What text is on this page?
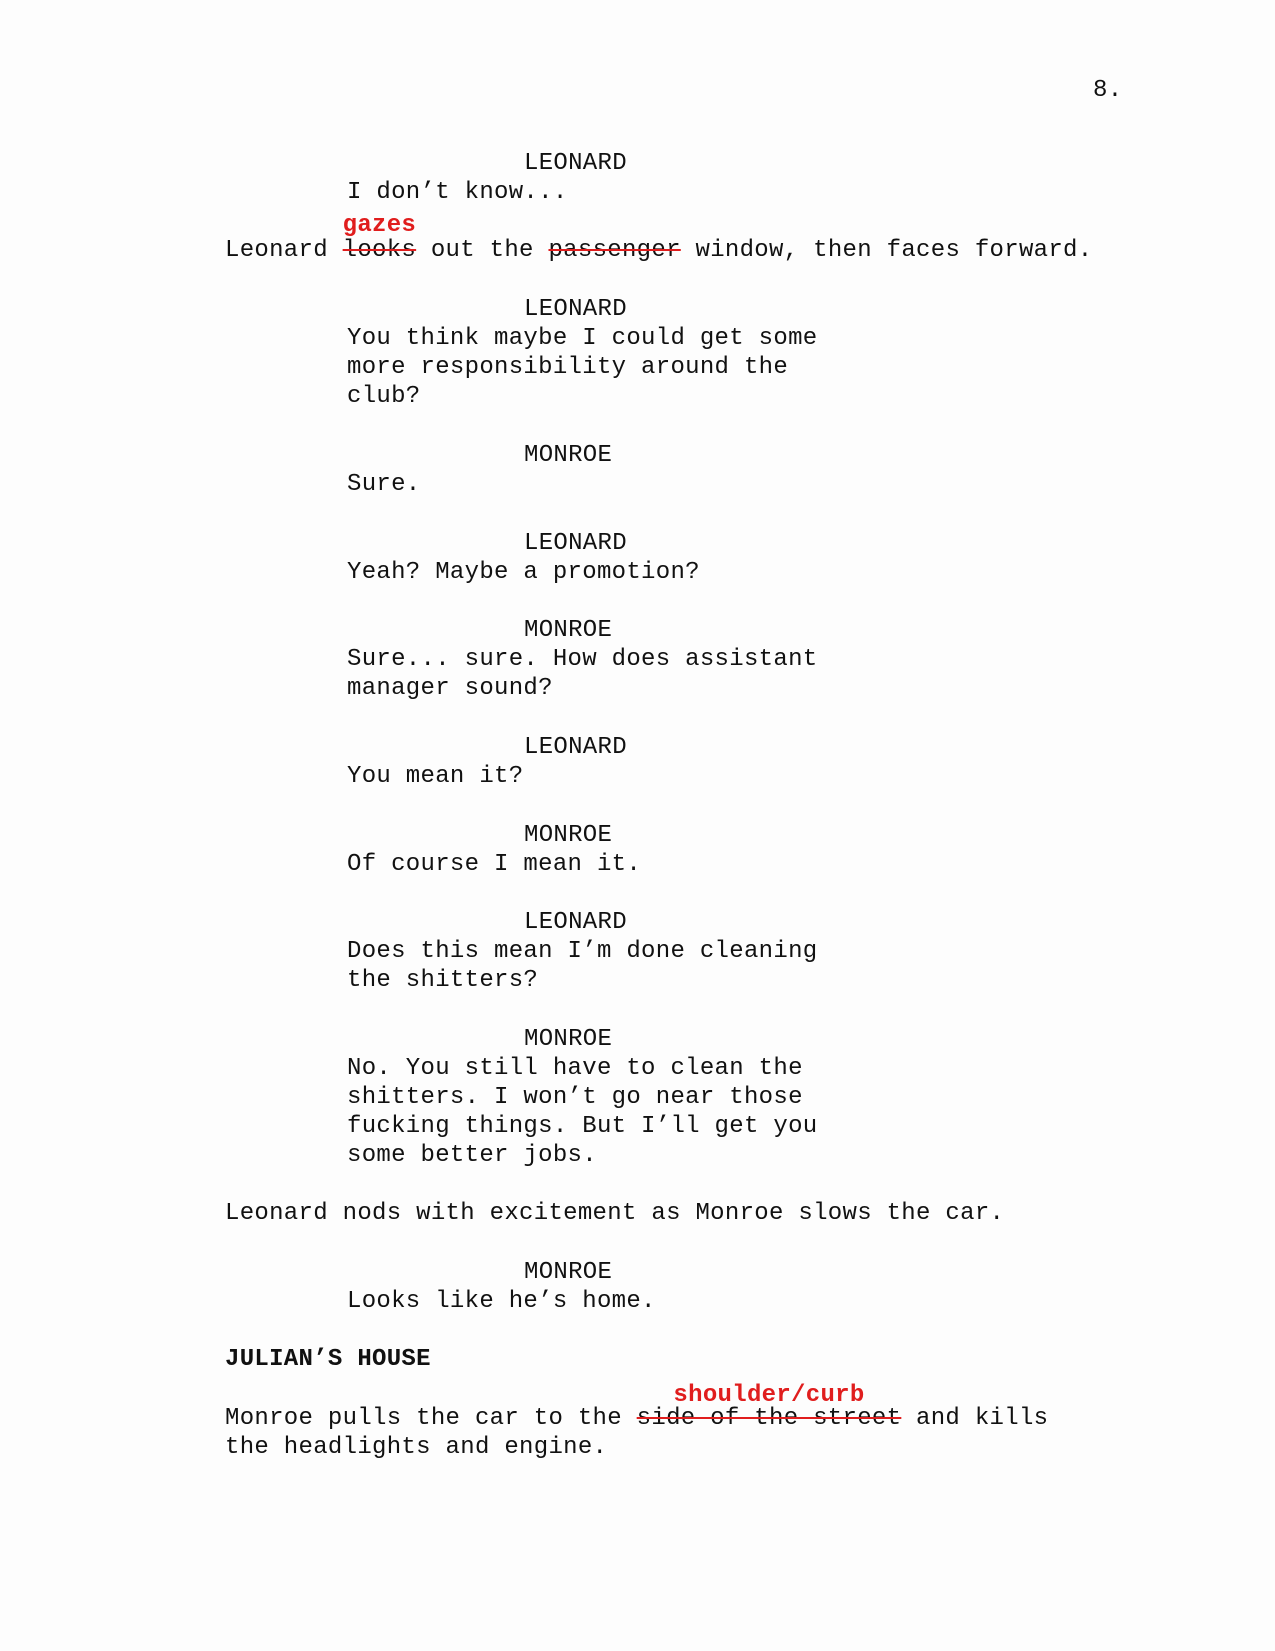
8.
LEONARD
I don’t know...
Leonard
gazes
looks out the passenger window, then faces forward.
LEONARD
You think maybe I could get some
more responsibility around the
club?
MONROE
Sure.
LEONARD
Yeah? Maybe a promotion?
MONROE
Sure... sure. How does assistant
manager sound?
LEONARD
You mean it?
MONROE
Of course I mean it.
LEONARD
Does this mean I’m done cleaning
the shitters?
MONROE
No. You still have to clean the
shitters. I won’t go near those
fucking things. But I’ll get you
some better jobs.
Leonard nods with excitement as Monroe slows the car.
MONROE
Looks like he’s home.
JULIAN’S HOUSE
Monroe pulls the car to the
shoulder/curb
side of the street and kills
the headlights and engine.
